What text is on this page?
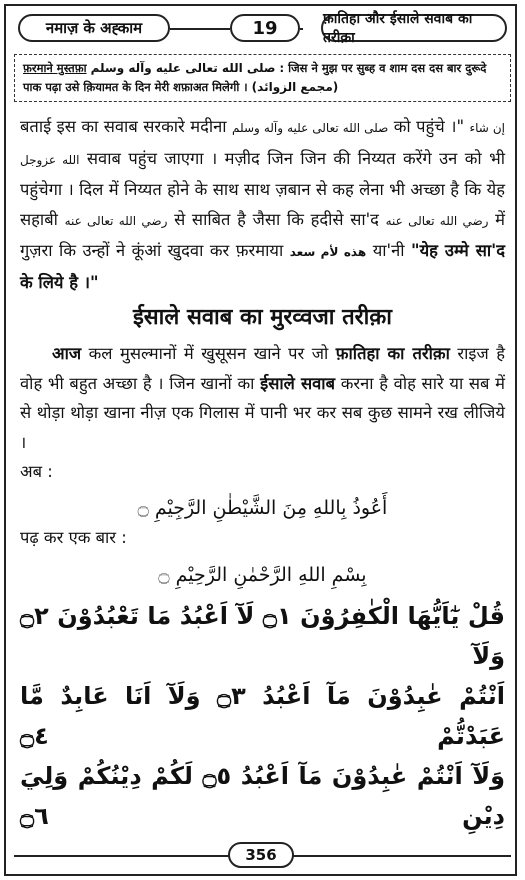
नमाज़ के अह्काम	19	फ़ातिहा और ईसाले सवाब का तरीक़ा
फ़रमाने मुस्तफ़ा صلى الله تعالى عليه وآله وسلم : जिस ने मुझ पर सुब्ह व शाम दस दस बार दुरूदे पाक पढ़ा उसे क़ियामत के दिन मेरी शफ़ाअत मिलेगी । (مجمع الزوائد)

बताई इस का सवाब सरकारे मदीना صلى الله تعالى عليه وآله وسلم को पहुंचे ।" إن شاء الله عزوجل सवाब पहुंच जाएगा । मज़ीद जिन जिन की निय्यत करेंगे उन को भी पहुंचेगा । दिल में निय्यत होने के साथ साथ ज़बान से कह लेना भी अच्छा है कि येह सहाबी رضي الله تعالى عنه से साबित है जैसा कि हदीसे सा'द رضي الله تعالى عنه में गुज़रा कि उन्हों ने कूंआं खुदवा कर फ़रमाया هذه لأم سعد या'नी "येह उम्मे सा'द के लिये है ।"

ईसाले सवाब का मुरव्वजा तरीक़ा

आज कल मुसल्मानों में खुसूसन खाने पर जो फ़ातिहा का तरीक़ा राइज है वोह भी बहुत अच्छा है । जिन खानों का ईसाले सवाब करना है वोह सारे या सब में से थोड़ा थोड़ा खाना नीज़ एक गिलास में पानी भर कर सब कुछ सामने रख लीजिये ।

अब :

أَعُوذُ بِاللهِ مِنَ الشَّيْطٰنِ الرَّجِيْمِ ۝

पढ़ कर एक बार :

بِسْمِ اللهِ الرَّحْمٰنِ الرَّحِيْمِ ۝

قُلْ يٰٓاَيُّهَا الْكٰفِرُوْنَ ۝١ لَآ اَعْبُدُ مَا تَعْبُدُوْنَ ۝٢ وَلَآ

اَنْتُمْ عٰبِدُوْنَ مَآ اَعْبُدُ ۝٣ وَلَآ اَنَا عَابِدٌ مَّا عَبَدْتُّمْ ۝٤

وَلَآ اَنْتُمْ عٰبِدُوْنَ مَآ اَعْبُدُ ۝٥ لَكُمْ دِيْنُكُمْ وَلِيَ دِيْنِ ۝٦

356
